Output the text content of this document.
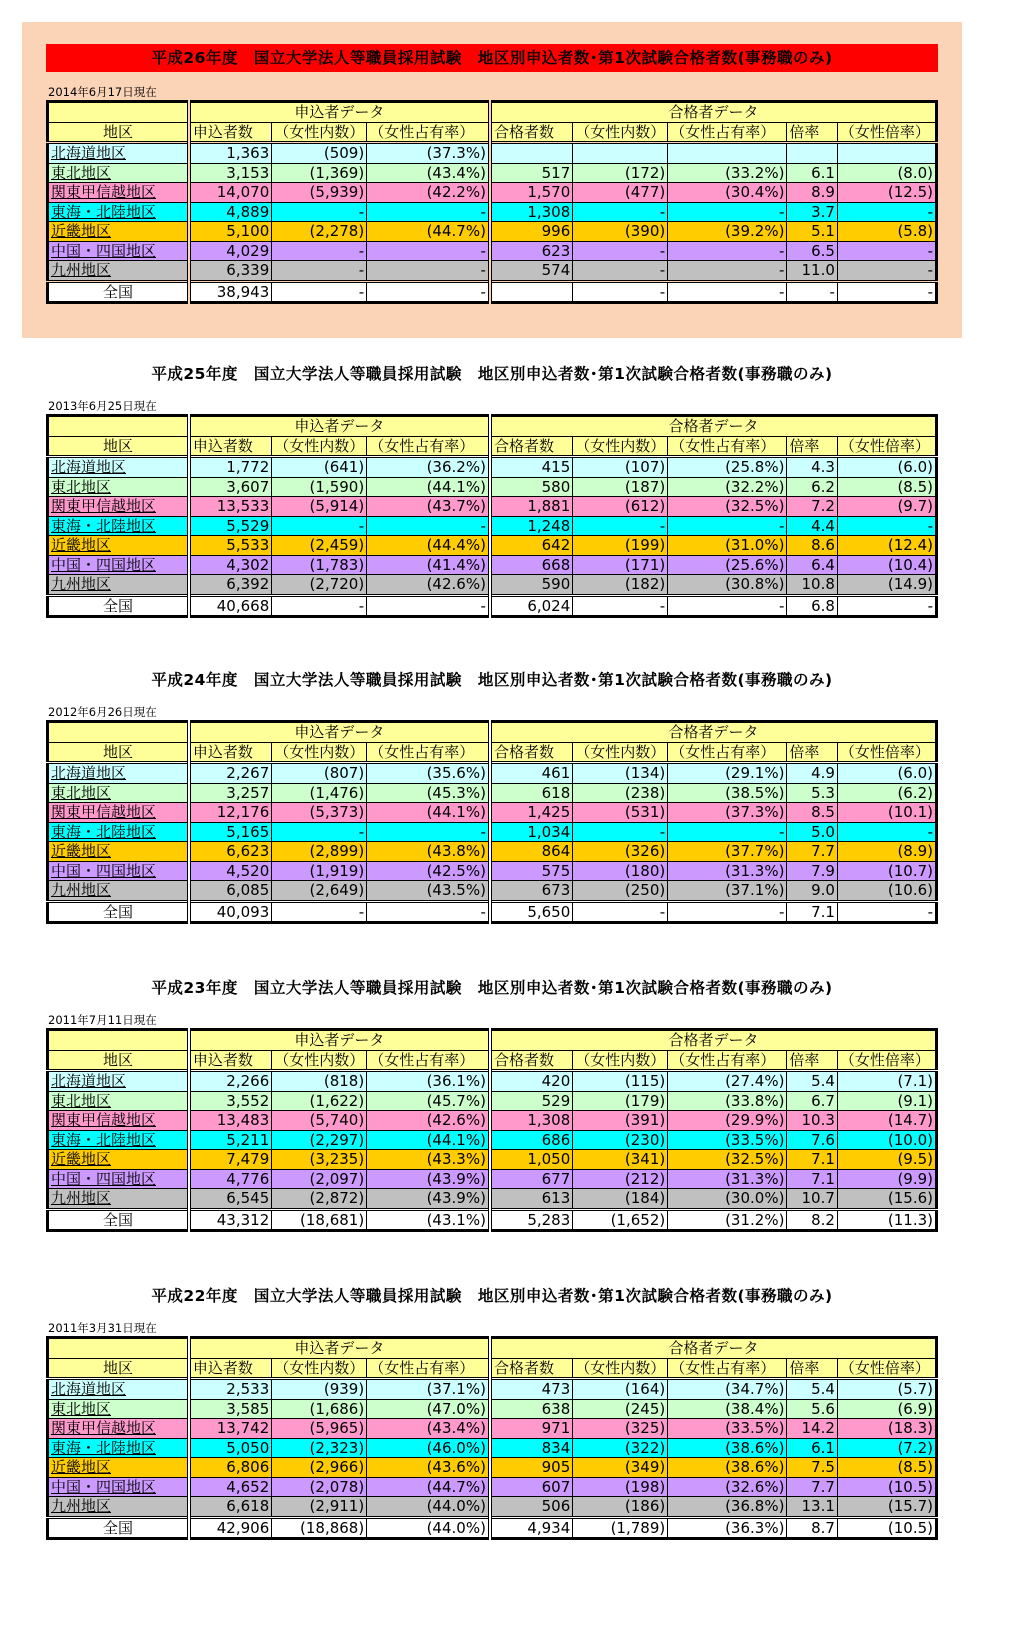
平成26年度　国立大学法人等職員採用試験　地区別申込者数･第1次試験合格者数(事務職のみ)
2014年6月17日現在
	申込者データ			合格者データ				
地区	申込者数	（女性内数）	（女性占有率）	合格者数	（女性内数）	（女性占有率）	倍率	（女性倍率）
北海道地区	1,363	(509)	(37.3%)					
東北地区	3,153	(1,369)	(43.4%)	517	(172)	(33.2%)	6.1	(8.0)
関東甲信越地区	14,070	(5,939)	(42.2%)	1,570	(477)	(30.4%)	8.9	(12.5)
東海・北陸地区	4,889	-	-	1,308	-	-	3.7	-
近畿地区	5,100	(2,278)	(44.7%)	996	(390)	(39.2%)	5.1	(5.8)
中国・四国地区	4,029	-	-	623	-	-	6.5	-
九州地区	6,339	-	-	574	-	-	11.0	-
全国	38,943	-	-		-	-	-	-
平成25年度　国立大学法人等職員採用試験　地区別申込者数･第1次試験合格者数(事務職のみ)
2013年6月25日現在
	申込者データ			合格者データ				
地区	申込者数	（女性内数）	（女性占有率）	合格者数	（女性内数）	（女性占有率）	倍率	（女性倍率）
北海道地区	1,772	(641)	(36.2%)	415	(107)	(25.8%)	4.3	(6.0)
東北地区	3,607	(1,590)	(44.1%)	580	(187)	(32.2%)	6.2	(8.5)
関東甲信越地区	13,533	(5,914)	(43.7%)	1,881	(612)	(32.5%)	7.2	(9.7)
東海・北陸地区	5,529	-	-	1,248	-	-	4.4	-
近畿地区	5,533	(2,459)	(44.4%)	642	(199)	(31.0%)	8.6	(12.4)
中国・四国地区	4,302	(1,783)	(41.4%)	668	(171)	(25.6%)	6.4	(10.4)
九州地区	6,392	(2,720)	(42.6%)	590	(182)	(30.8%)	10.8	(14.9)
全国	40,668	-	-	6,024	-	-	6.8	-
平成24年度　国立大学法人等職員採用試験　地区別申込者数･第1次試験合格者数(事務職のみ)
2012年6月26日現在
	申込者データ			合格者データ				
地区	申込者数	（女性内数）	（女性占有率）	合格者数	（女性内数）	（女性占有率）	倍率	（女性倍率）
北海道地区	2,267	(807)	(35.6%)	461	(134)	(29.1%)	4.9	(6.0)
東北地区	3,257	(1,476)	(45.3%)	618	(238)	(38.5%)	5.3	(6.2)
関東甲信越地区	12,176	(5,373)	(44.1%)	1,425	(531)	(37.3%)	8.5	(10.1)
東海・北陸地区	5,165	-	-	1,034	-	-	5.0	-
近畿地区	6,623	(2,899)	(43.8%)	864	(326)	(37.7%)	7.7	(8.9)
中国・四国地区	4,520	(1,919)	(42.5%)	575	(180)	(31.3%)	7.9	(10.7)
九州地区	6,085	(2,649)	(43.5%)	673	(250)	(37.1%)	9.0	(10.6)
全国	40,093	-	-	5,650	-	-	7.1	-
平成23年度　国立大学法人等職員採用試験　地区別申込者数･第1次試験合格者数(事務職のみ)
2011年7月11日現在
	申込者データ			合格者データ				
地区	申込者数	（女性内数）	（女性占有率）	合格者数	（女性内数）	（女性占有率）	倍率	（女性倍率）
北海道地区	2,266	(818)	(36.1%)	420	(115)	(27.4%)	5.4	(7.1)
東北地区	3,552	(1,622)	(45.7%)	529	(179)	(33.8%)	6.7	(9.1)
関東甲信越地区	13,483	(5,740)	(42.6%)	1,308	(391)	(29.9%)	10.3	(14.7)
東海・北陸地区	5,211	(2,297)	(44.1%)	686	(230)	(33.5%)	7.6	(10.0)
近畿地区	7,479	(3,235)	(43.3%)	1,050	(341)	(32.5%)	7.1	(9.5)
中国・四国地区	4,776	(2,097)	(43.9%)	677	(212)	(31.3%)	7.1	(9.9)
九州地区	6,545	(2,872)	(43.9%)	613	(184)	(30.0%)	10.7	(15.6)
全国	43,312	(18,681)	(43.1%)	5,283	(1,652)	(31.2%)	8.2	(11.3)
平成22年度　国立大学法人等職員採用試験　地区別申込者数･第1次試験合格者数(事務職のみ)
2011年3月31日現在
	申込者データ			合格者データ				
地区	申込者数	（女性内数）	（女性占有率）	合格者数	（女性内数）	（女性占有率）	倍率	（女性倍率）
北海道地区	2,533	(939)	(37.1%)	473	(164)	(34.7%)	5.4	(5.7)
東北地区	3,585	(1,686)	(47.0%)	638	(245)	(38.4%)	5.6	(6.9)
関東甲信越地区	13,742	(5,965)	(43.4%)	971	(325)	(33.5%)	14.2	(18.3)
東海・北陸地区	5,050	(2,323)	(46.0%)	834	(322)	(38.6%)	6.1	(7.2)
近畿地区	6,806	(2,966)	(43.6%)	905	(349)	(38.6%)	7.5	(8.5)
中国・四国地区	4,652	(2,078)	(44.7%)	607	(198)	(32.6%)	7.7	(10.5)
九州地区	6,618	(2,911)	(44.0%)	506	(186)	(36.8%)	13.1	(15.7)
全国	42,906	(18,868)	(44.0%)	4,934	(1,789)	(36.3%)	8.7	(10.5)
